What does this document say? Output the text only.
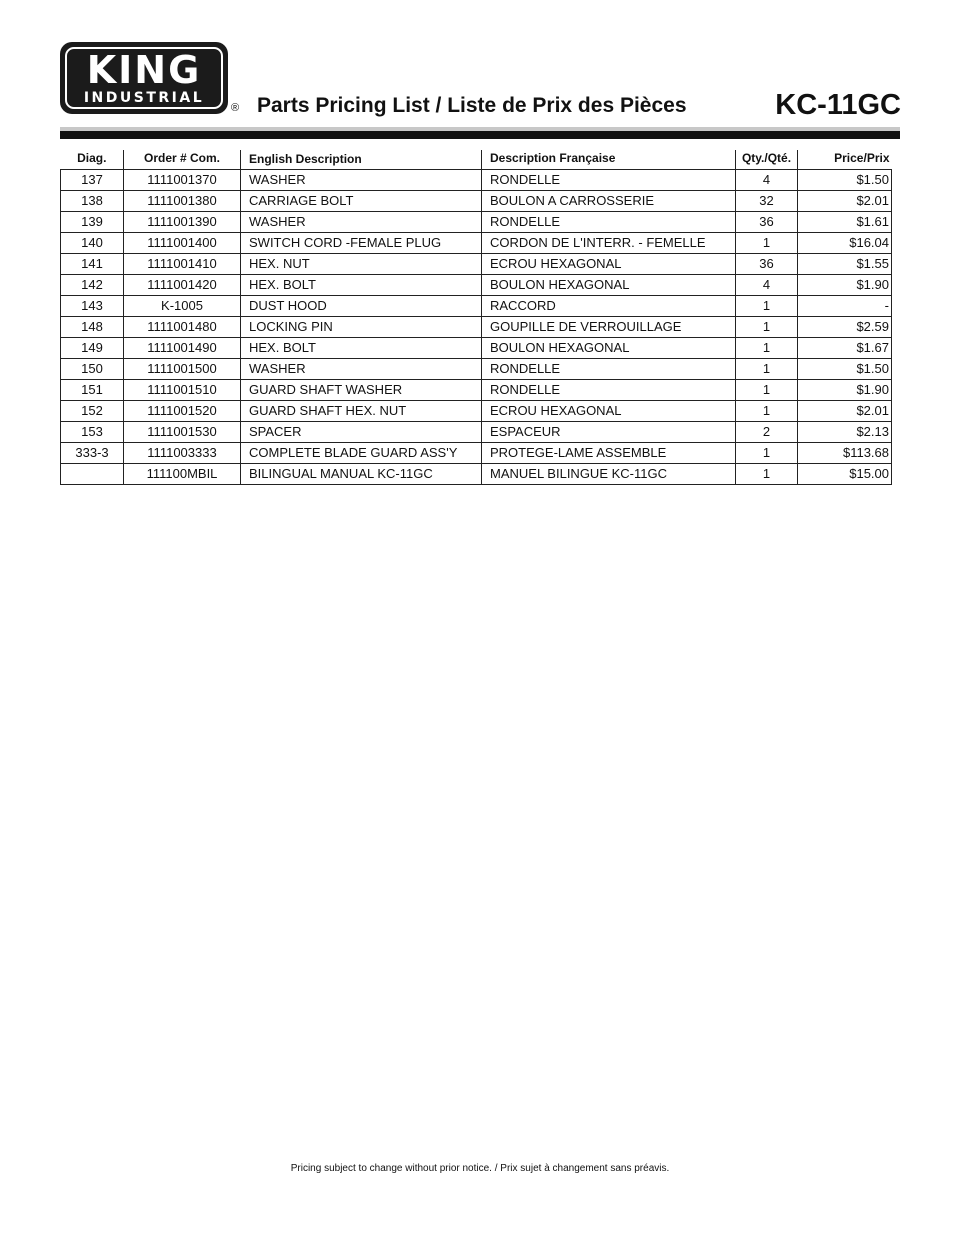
KING
INDUSTRIAL
® Parts Pricing List / Liste de Prix des Pièces	KC-11GC
Diag.	Order # Com.	English Description	Description Française	Qty./Qté.	Price/Prix
137	1111001370	WASHER	RONDELLE	4	$1.50
138	1111001380	CARRIAGE BOLT	BOULON A CARROSSERIE	32	$2.01
139	1111001390	WASHER	RONDELLE	36	$1.61
140	1111001400	SWITCH CORD -FEMALE PLUG	CORDON DE L'INTERR. - FEMELLE	1	$16.04
141	1111001410	HEX. NUT	ECROU HEXAGONAL	36	$1.55
142	1111001420	HEX. BOLT	BOULON HEXAGONAL	4	$1.90
143	K-1005	DUST HOOD	RACCORD	1	-
148	1111001480	LOCKING PIN	GOUPILLE DE VERROUILLAGE	1	$2.59
149	1111001490	HEX. BOLT	BOULON HEXAGONAL	1	$1.67
150	1111001500	WASHER	RONDELLE	1	$1.50
151	1111001510	GUARD SHAFT WASHER	RONDELLE	1	$1.90
152	1111001520	GUARD SHAFT HEX. NUT	ECROU HEXAGONAL	1	$2.01
153	1111001530	SPACER	ESPACEUR	2	$2.13
333-3	1111003333	COMPLETE BLADE GUARD ASS'Y	PROTEGE-LAME ASSEMBLE	1	$113.68
	111100MBIL	BILINGUAL MANUAL KC-11GC	MANUEL BILINGUE KC-11GC	1	$15.00
Pricing subject to change without prior notice. / Prix sujet à changement sans préavis.
